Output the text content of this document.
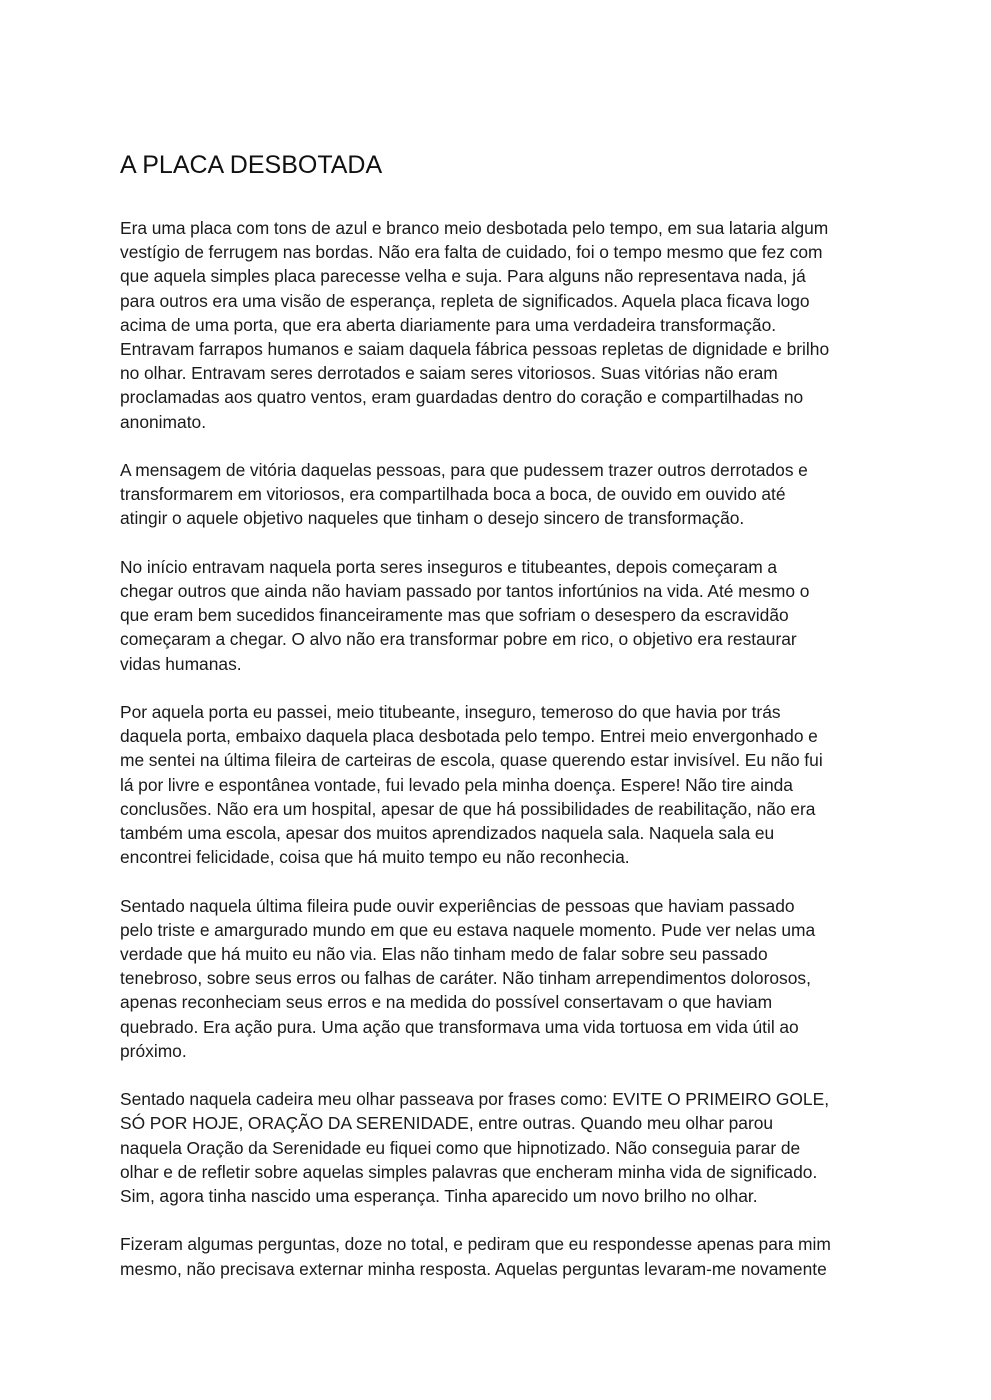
A PLACA DESBOTADA

Era uma placa com tons de azul e branco meio desbotada pelo tempo, em sua lataria algum
vestígio de ferrugem nas bordas. Não era falta de cuidado, foi o tempo mesmo que fez com
que aquela simples placa parecesse velha e suja. Para alguns não representava nada, já
para outros era uma visão de esperança, repleta de significados. Aquela placa ficava logo
acima de uma porta, que era aberta diariamente para uma verdadeira transformação.
Entravam farrapos humanos e saiam daquela fábrica pessoas repletas de dignidade e brilho
no olhar. Entravam seres derrotados e saiam seres vitoriosos. Suas vitórias não eram
proclamadas aos quatro ventos, eram guardadas dentro do coração e compartilhadas no
anonimato.

A mensagem de vitória daquelas pessoas, para que pudessem trazer outros derrotados e
transformarem em vitoriosos, era compartilhada boca a boca, de ouvido em ouvido até
atingir o aquele objetivo naqueles que tinham o desejo sincero de transformação.

No início entravam naquela porta seres inseguros e titubeantes, depois começaram a
chegar outros que ainda não haviam passado por tantos infortúnios na vida. Até mesmo o
que eram bem sucedidos financeiramente mas que sofriam o desespero da escravidão
começaram a chegar. O alvo não era transformar pobre em rico, o objetivo era restaurar
vidas humanas.

Por aquela porta eu passei, meio titubeante, inseguro, temeroso do que havia por trás
daquela porta, embaixo daquela placa desbotada pelo tempo. Entrei meio envergonhado e
me sentei na última fileira de carteiras de escola, quase querendo estar invisível. Eu não fui
lá por livre e espontânea vontade, fui levado pela minha doença. Espere! Não tire ainda
conclusões. Não era um hospital, apesar de que há possibilidades de reabilitação, não era
também uma escola, apesar dos muitos aprendizados naquela sala. Naquela sala eu
encontrei felicidade, coisa que há muito tempo eu não reconhecia.

Sentado naquela última fileira pude ouvir experiências de pessoas que haviam passado
pelo triste e amargurado mundo em que eu estava naquele momento. Pude ver nelas uma
verdade que há muito eu não via. Elas não tinham medo de falar sobre seu passado
tenebroso, sobre seus erros ou falhas de caráter. Não tinham arrependimentos dolorosos,
apenas reconheciam seus erros e na medida do possível consertavam o que haviam
quebrado. Era ação pura. Uma ação que transformava uma vida tortuosa em vida útil ao
próximo.

Sentado naquela cadeira meu olhar passeava por frases como: EVITE O PRIMEIRO GOLE,
SÓ POR HOJE, ORAÇÃO DA SERENIDADE, entre outras. Quando meu olhar parou
naquela Oração da Serenidade eu fiquei como que hipnotizado. Não conseguia parar de
olhar e de refletir sobre aquelas simples palavras que encheram minha vida de significado.
Sim, agora tinha nascido uma esperança. Tinha aparecido um novo brilho no olhar.

Fizeram algumas perguntas, doze no total, e pediram que eu respondesse apenas para mim
mesmo, não precisava externar minha resposta. Aquelas perguntas levaram-me novamente
